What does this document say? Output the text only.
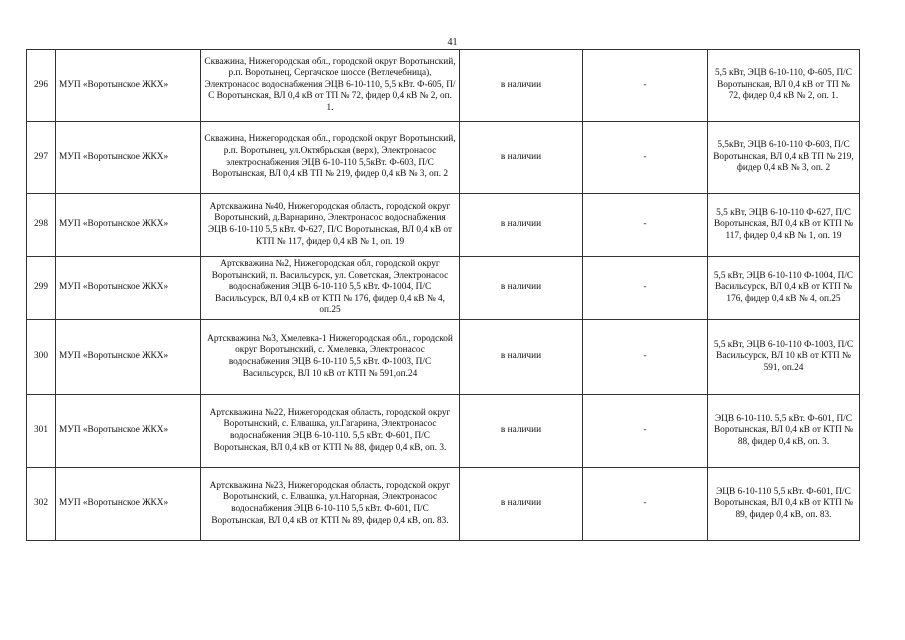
41
296	МУП «Воротынское ЖКХ»	Скважина, Нижегородская обл., городской округ Воротынский, р.п. Воротынец, Сергачское шоссе (Ветлечебница), Электронасос водоснабжения ЭЦВ 6-10-110, 5,5 кВт. Ф-605, П/С Воротынская, ВЛ 0,4 кВ от ТП № 72, фидер 0,4 кВ № 2, оп. 1.	в наличии	-	5,5 кВт, ЭЦВ 6-10-110, Ф-605, П/С Воротынская, ВЛ 0,4 кВ от ТП № 72, фидер 0,4 кВ № 2, оп. 1.
297	МУП «Воротынское ЖКХ»	Скважина, Нижегородская обл., городской округ Воротынский, р.п. Воротынец, ул.Октябрьская (верх), Электронасос электроснабжения ЭЦВ 6-10-110 5,5кВт. Ф-603, П/С Воротынская, ВЛ 0,4 кВ ТП № 219, фидер 0,4 кВ № 3, оп. 2	в наличии	-	5,5кВт, ЭЦВ 6-10-110 Ф-603, П/С Воротынская, ВЛ 0,4 кВ ТП № 219, фидер 0,4 кВ № 3, оп. 2
298	МУП «Воротынское ЖКХ»	Артскважина №40, Нижегородская область, городской округ Воротынский, д.Варнарино, Электронасос водоснабжения ЭЦВ 6-10-110 5,5 кВт. Ф-627, П/С Воротынская, ВЛ 0,4 кВ от КТП № 117, фидер 0,4 кВ № 1, оп. 19	в наличии	-	5,5 кВт, ЭЦВ 6-10-110 Ф-627, П/С Воротынская, ВЛ 0,4 кВ от КТП № 117, фидер 0,4 кВ № 1, оп. 19
299	МУП «Воротынское ЖКХ»	Артскважина №2, Нижегородская обл, городской округ Воротынский, п. Васильсурск, ул. Советская, Электронасос водоснабжения ЭЦВ 6-10-110 5,5 кВт. Ф-1004, П/С Васильсурск, ВЛ 0,4 кВ от КТП № 176, фидер 0,4 кВ № 4, оп.25	в наличии	-	5,5 кВт, ЭЦВ 6-10-110 Ф-1004, П/С Васильсурск, ВЛ 0,4 кВ от КТП № 176, фидер 0,4 кВ № 4, оп.25
300	МУП «Воротынское ЖКХ»	Артскважина №3, Хмелевка-1 Нижегородская обл., городской округ Воротынский, с. Хмелевка, Электронасос водоснабжения ЭЦВ 6-10-110 5,5 кВт. Ф-1003, П/С Васильсурск, ВЛ 10 кВ от КТП № 591,оп.24	в наличии	-	5,5 кВт, ЭЦВ 6-10-110 Ф-1003, П/С Васильсурск, ВЛ 10 кВ от КТП № 591, оп.24
301	МУП «Воротынское ЖКХ»	Артскважина №22, Нижегородская область, городской округ Воротынский, с. Елвашка, ул.Гагарина, Электронасос водоснабжения ЭЦВ 6-10-110. 5,5 кВт. Ф-601, П/С Воротынская, ВЛ 0,4 кВ от КТП № 88, фидер 0,4 кВ, оп. 3.	в наличии	-	ЭЦВ 6-10-110. 5,5 кВт. Ф-601, П/С Воротынская, ВЛ 0,4 кВ от КТП № 88, фидер 0,4 кВ, оп. 3.
302	МУП «Воротынское ЖКХ»	Артскважина №23, Нижегородская область, городской округ Воротынский, с. Елвашка, ул.Нагорная, Электронасос водоснабжения ЭЦВ 6-10-110 5,5 кВт. Ф-601, П/С Воротынская, ВЛ 0,4 кВ от КТП № 89, фидер 0,4 кВ, оп. 83.	в наличии	-	ЭЦВ 6-10-110 5,5 кВт. Ф-601, П/С Воротынская, ВЛ 0,4 кВ от КТП № 89, фидер 0,4 кВ, оп. 83.
